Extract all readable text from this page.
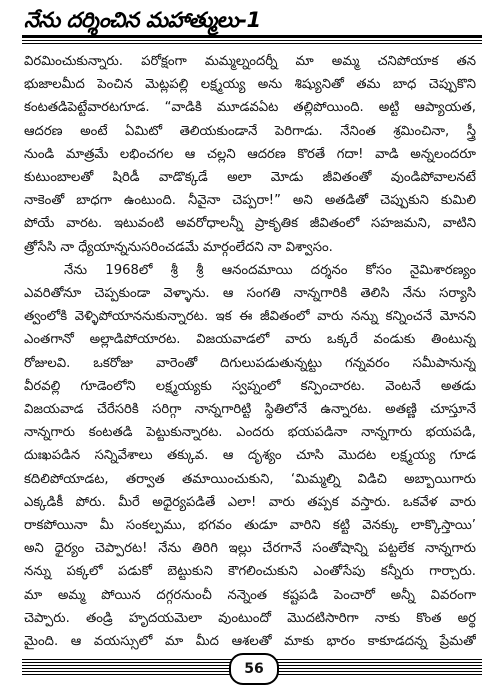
నేను దర్శించిన మహాత్ములు-1
విరమించుకున్నారు. పరోక్షంగా మమ్మల్నందర్నీ మా అమ్మ చనిపోయాక తన
భుజాలమీద పెంచిన మెట్లపల్లి లక్ష్మయ్య అను శిష్యునితో తమ బాధ చెప్పుకొని
కంటతడిపెట్టేవారటగూడ. “వాడికి మూడవఏట తల్లిపోయింది. అట్టి ఆప్యాయత,
ఆదరణ అంటే ఏమిటో తెలియకుండానే పెరిగాడు. నేనింత శ్రమించినా, స్త్రీ
నుండి మాత్రమే లభించగల ఆ చల్లని ఆదరణ కొరతే గదా! వాడి అన్నలందరూ
కుటుంబాలతో షిరిడీ వాడొక్కడే అలా మోడు జీవితంతో వుండిపోవాలనటే
నాకెంతో బాధగా ఉంటుంది. నీవైనా చెప్పరా!” అని అతడితో చెప్పుకుని కుమిలి
పోయే వారట. ఇటువంటి అవరోధాలన్నీ ప్రాకృతిక జీవితంలో సహజమని, వాటిని
త్రోసేసి నా ధ్యేయాన్ననుసరించడమే మార్గంలేదని నా విశ్వాసం.
నేను 1968లో శ్రీ శ్రీ ఆనందమాయి దర్శనం కోసం నైమిశారణ్యం
ఎవరితోనూ చెప్పకుండా వెళ్ళాను. ఆ సంగతి నాన్నగారికి తెలిసి నేను సర్యాసి
త్వంలోకి వెళ్ళిపోయాననుకున్నారట. ఇక ఈ జీవితంలో వారు నన్ను కన్నించనే మోనని
ఎంతగానో అల్లాడిపోయారట. విజయవాడలో వారు ఒక్కరే వండుకు తింటున్న
రోజులవి. ఒకరోజు వారెంతో దిగులుపడుతున్నట్టు గన్నవరం సమీపానున్న
వీరవల్లి గూడెంలోని లక్ష్మయ్యకు స్వప్నంలో కన్పించారట. వెంటనే అతడు
విజయవాడ చేరేసరికి సరిగ్గా నాన్నగారిట్టి స్థితిలోనే ఉన్నారట. అతణ్ణి చూస్తూనే
నాన్నగారు కంటతడి పెట్టుకున్నారట. ఎందరు భయపడినా నాన్నగారు భయపడి,
దుఃఖపడిన సన్నివేశాలు తక్కువ. ఆ దృశ్యం చూసి మొదట లక్ష్మయ్య గూడ
కదిలిపోయాడట, తర్వాత తమాయించుకుని, ‘మిమ్మల్ని విడిచి అబ్బాయిగారు
ఎక్కడికీ పోరు. మీరే అధైర్యపడితే ఎలా! వారు తప్పక వస్తారు. ఒకవేళ వారు
రాకపోయినా మీ సంకల్పము, భగవం తుడూ వారిని కట్టి వెనక్కు లాక్కొస్తాయి’
అని ధైర్యం చెప్పారట! నేను తిరిగి ఇల్లు చేరగానే సంతోషాన్ని పట్టలేక నాన్నగారు
నన్ను పక్కలో పడుకో బెట్టుకుని కౌగలించుకుని ఎంతోసేపు కన్నీరు గార్చారు.
మా అమ్మ పోయిన దగ్గరనుంచీ నన్నెంత కష్టపడి పెంచారో అన్నీ వివరంగా
చెప్పారు. తండ్రి హృదయమెలా వుంటుందో మొదటిసారిగా నాకు కొంత అర్థ
మైంది. ఆ వయస్సులో మా మీద ఆశలతో మాకు భారం కాకూడదన్న ప్రేమతో
56
